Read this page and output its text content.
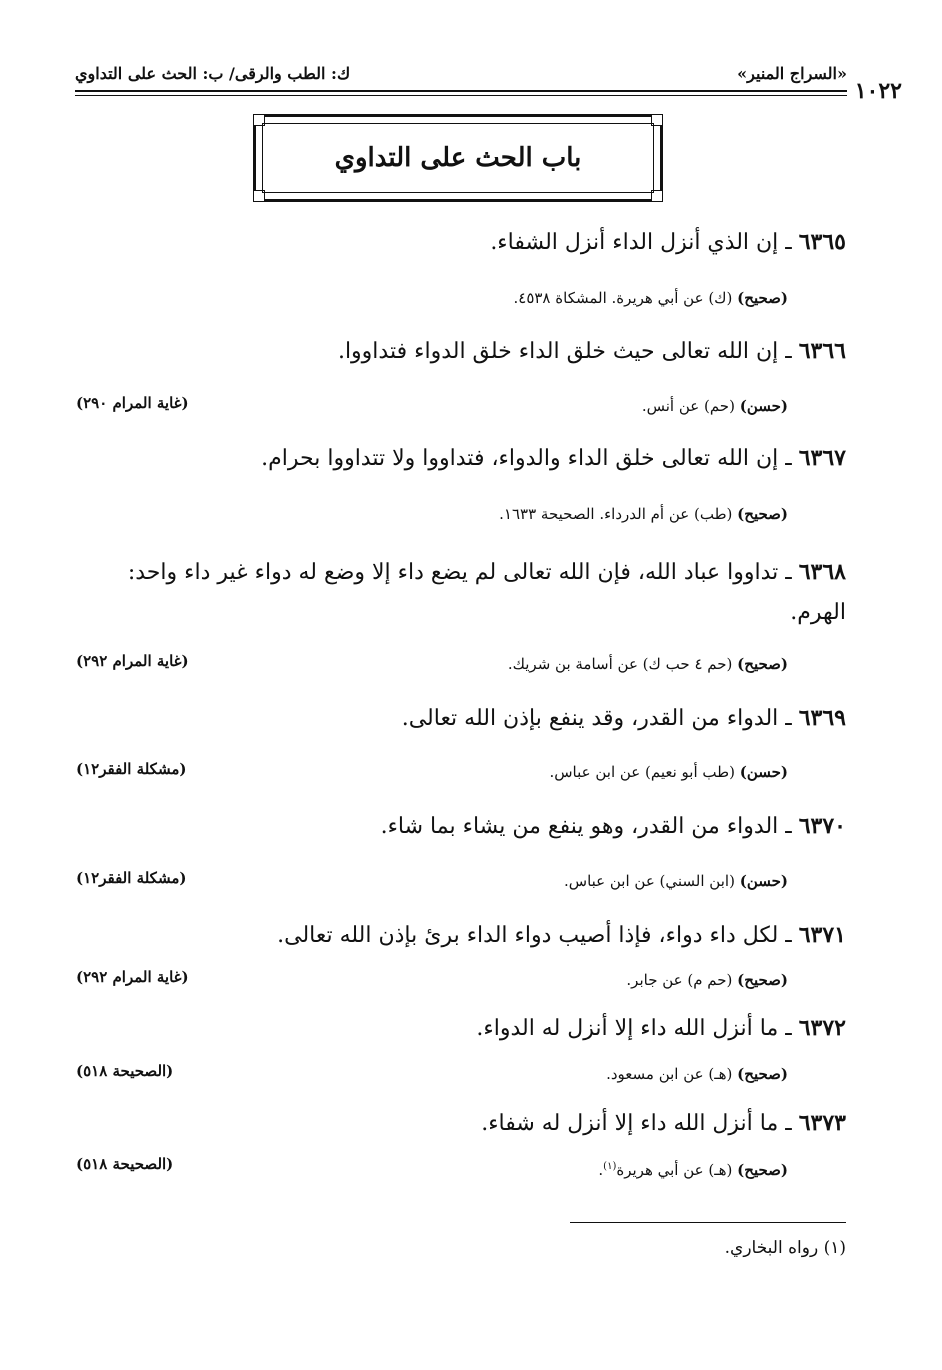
«السراج المنير»
ك: الطب والرقى/ ب: الحث على التداوي
١٠٢٢
باب الحث على التداوي
٦٣٦٥ ـ إن الذي أنزل الداء أنزل الشفاء.
(صحيح) (ك) عن أبي هريرة. المشكاة ٤٥٣٨.
٦٣٦٦ ـ إن الله تعالى حيث خلق الداء خلق الدواء فتداووا.
(حسن) (حم) عن أنس.
(غاية المرام ٢٩٠)
٦٣٦٧ ـ إن الله تعالى خلق الداء والدواء، فتداووا ولا تتداووا بحرام.
(صحيح) (طب) عن أم الدرداء. الصحيحة ١٦٣٣.
٦٣٦٨ ـ تداووا عباد الله، فإن الله تعالى لم يضع داء إلا وضع له دواء غير داء واحد: الهرم.
(صحيح) (حم ٤ حب ك) عن أسامة بن شريك.
(غاية المرام ٢٩٢)
٦٣٦٩ ـ الدواء من القدر، وقد ينفع بإذن الله تعالى.
(حسن) (طب أبو نعيم) عن ابن عباس.
(مشكلة الفقر١٢)
٦٣٧٠ ـ الدواء من القدر، وهو ينفع من يشاء بما شاء.
(حسن) (ابن السني) عن ابن عباس.
(مشكلة الفقر١٢)
٦٣٧١ ـ لكل داء دواء، فإذا أصيب دواء الداء برئ بإذن الله تعالى.
(صحيح) (حم م) عن جابر.
(غاية المرام ٢٩٢)
٦٣٧٢ ـ ما أنزل الله داء إلا أنزل له الدواء.
(صحيح) (هـ) عن ابن مسعود.
(الصحيحة ٥١٨)
٦٣٧٣ ـ ما أنزل الله داء إلا أنزل له شفاء.
(صحيح) (هـ) عن أبي هريرة$^{(١)}$.
(الصحيحة ٥١٨)
(١) رواه البخاري.
